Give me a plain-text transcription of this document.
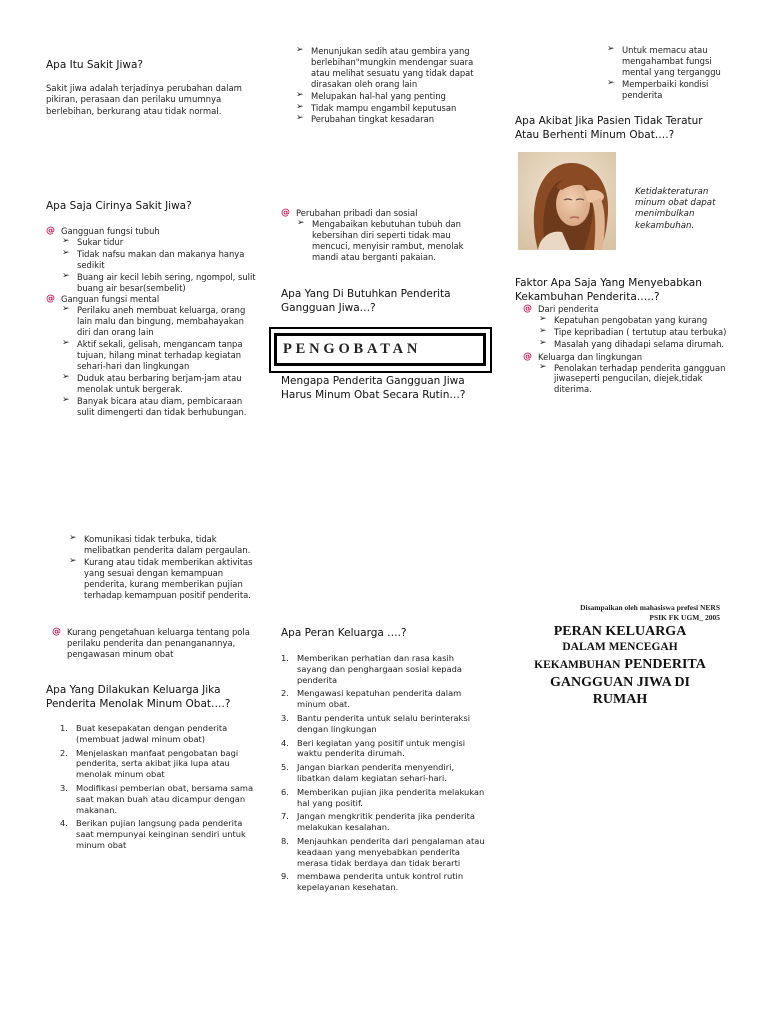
Apa Itu Sakit Jiwa?

Sakit jiwa adalah terjadinya perubahan dalam pikiran, perasaan dan perilaku umumnya berlebihan, berkurang atau tidak normal.

Apa Saja Cirinya Sakit Jiwa?

@ Gangguan fungsi tubuh
➢ Sukar tidur
➢ Tidak nafsu makan dan makanya hanya sedikit
➢ Buang air kecil lebih sering, ngompol, sulit buang air besar(sembelit)
@ Ganguan fungsi mental
➢ Perilaku aneh membuat keluarga, orang lain malu dan bingung, membahayakan diri dan orang lain
➢ Aktif sekali, gelisah, mengancam tanpa tujuan, hilang minat terhadap kegiatan sehari-hari dan lingkungan
➢ Duduk atau berbaring berjam-jam atau menolak untuk bergerak.
➢ Banyak bicara atau diam, pembicaraan sulit dimengerti dan tidak berhubungan.
➢ Menunjukan sedih atau gembira yang berlebihan"mungkin mendengar suara atau melihat sesuatu yang tidak dapat dirasakan oleh orang lain
➢ Melupakan hal-hal yang penting
➢ Tidak mampu engambil keputusan
➢ Perubahan tingkat kesadaran
@ Perubahan pribadi dan sosial
➢ Mengabaikan kebutuhan tubuh dan kebersihan diri seperti tidak mau mencuci, menyisir rambut, menolak mandi atau berganti pakaian.

Apa Yang Di Butuhkan Penderita Gangguan Jiwa…?

PENGOBATAN

Mengapa Penderita Gangguan Jiwa Harus Minum Obat Secara Rutin…?

➢ Untuk memacu atau mengahambat fungsi mental yang terganggu
➢ Memperbaiki kondisi penderita

Apa Akibat Jika Pasien Tidak Teratur Atau Berhenti Minum Obat….?

Ketidakteraturan minum obat dapat menimbulkan kekambuhan.

Faktor Apa Saja Yang Menyebabkan Kekambuhan Penderita…..?

@ Dari penderita
➢ Kepatuhan pengobatan yang kurang
➢ Tipe kepribadian ( tertutup atau terbuka)
➢ Masalah yang dihadapi selama dirumah.
@ Keluarga dan lingkungan
➢ Penolakan terhadap penderita gangguan jiwaseperti pengucilan, diejek,tidak diterima.
➢ Komunikasi tidak terbuka, tidak melibatkan penderita dalam pergaulan.
➢ Kurang atau tidak memberikan aktivitas yang sesuai dengan kemampuan penderita, kurang memberikan pujian terhadap kemampuan positif penderita.
@ Kurang pengetahuan keluarga tentang pola perilaku penderita dan penanganannya, pengawasan minum obat

Apa Yang Dilakukan Keluarga Jika Penderita Menolak Minum Obat….?

1. Buat kesepakatan dengan penderita (membuat jadwal minum obat)
2. Menjelaskan manfaat pengobatan bagi penderita, serta akibat jika lupa atau menolak minum obat
3. Modifikasi pemberian obat, bersama sama saat makan buah atau dicampur dengan makanan.
4. Berikan pujian langsung pada penderita saat mempunyai keinginan sendiri untuk minum obat

Apa Peran Keluarga ….?

1. Memberikan perhatian dan rasa kasih sayang dan penghargaan sosial kepada penderita
2. Mengawasi kepatuhan penderita dalam minum obat.
3. Bantu penderita untuk selalu berinteraksi dengan lingkungan
4. Beri kegiatan yang positif untuk mengisi waktu penderita dirumah.
5. Jangan biarkan penderita menyendiri, libatkan dalam kegiatan sehari-hari.
6. Memberikan pujian jika penderita melakukan hal yang positif.
7. Jangan mengkritik penderita jika penderita melakukan kesalahan.
8. Menjauhkan penderita dari pengalaman atau keadaan yang menyebabkan penderita merasa tidak berdaya dan tidak berarti
9. membawa penderita untuk kontrol rutin kepelayanan kesehatan.
Disampaikan oleh mahasiswa prefesi NERS
PSIK FK UGM_ 2005
PERAN KELUARGA
DALAM MENCEGAH
KEKAMBUHAN PENDERITA
GANGGUAN JIWA DI
RUMAH
